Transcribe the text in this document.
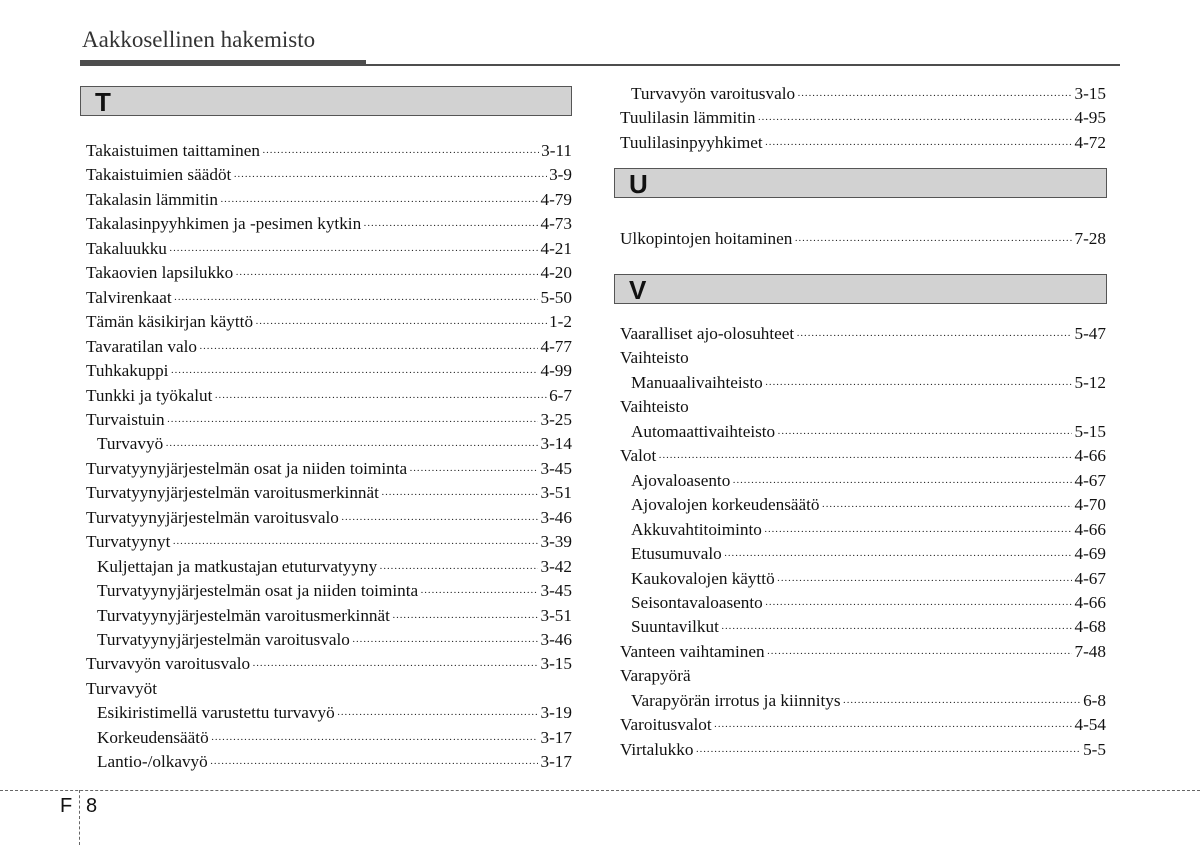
Aakkosellinen hakemisto
T
Takaistuimen taittaminen ·····	3-11
Takaistuimien säädöt ·····	3-9
Takalasin lämmitin ·····	4-79
Takalasinpyyhkimen ja -pesimen kytkin ·····	4-73
Takaluukku ·····	4-21
Takaovien lapsilukko ·····	4-20
Talvirenkaat ·····	5-50
Tämän käsikirjan käyttö ·····	1-2
Tavaratilan valo ·····	4-77
Tuhkakuppi ·····	4-99
Tunkki ja työkalut ·····	6-7
Turvaistuin ·····	3-25
Turvavyö ·····	3-14
Turvatyynyjärjestelmän osat ja niiden toiminta ·····	3-45
Turvatyynyjärjestelmän varoitusmerkinnät ·····	3-51
Turvatyynyjärjestelmän varoitusvalo ·····	3-46
Turvatyynyt ·····	3-39
Kuljettajan ja matkustajan etuturvatyyny ·····	3-42
Turvatyynyjärjestelmän osat ja niiden toiminta ·····	3-45
Turvatyynyjärjestelmän varoitusmerkinnät ·····	3-51
Turvatyynyjärjestelmän varoitusvalo ·····	3-46
Turvavyön varoitusvalo ·····	3-15
Turvavyöt
Esikiristimellä varustettu turvavyö ·····	3-19
Korkeudensäätö ·····	3-17
Lantio-/olkavyö ·····	3-17
Turvavyön varoitusvalo ·····	3-15
Tuulilasin lämmitin ·····	4-95
Tuulilasinpyyhkimet ·····	4-72
U
Ulkopintojen hoitaminen ·····	7-28
V
Vaaralliset ajo-olosuhteet ·····	5-47
Vaihteisto
Manuaalivaihteisto ·····	5-12
Vaihteisto
Automaattivaihteisto ·····	5-15
Valot ·····	4-66
Ajovaloasento ·····	4-67
Ajovalojen korkeudensäätö ·····	4-70
Akkuvahtitoiminto ·····	4-66
Etusumuvalo ·····	4-69
Kaukovalojen käyttö ·····	4-67
Seisontavaloasento ·····	4-66
Suuntavilkut ·····	4-68
Vanteen vaihtaminen ·····	7-48
Varapyörä
Varapyörän irrotus ja kiinnitys ·····	6-8
Varoitusvalot ·····	4-54
Virtalukko ·····	5-5
F 8
